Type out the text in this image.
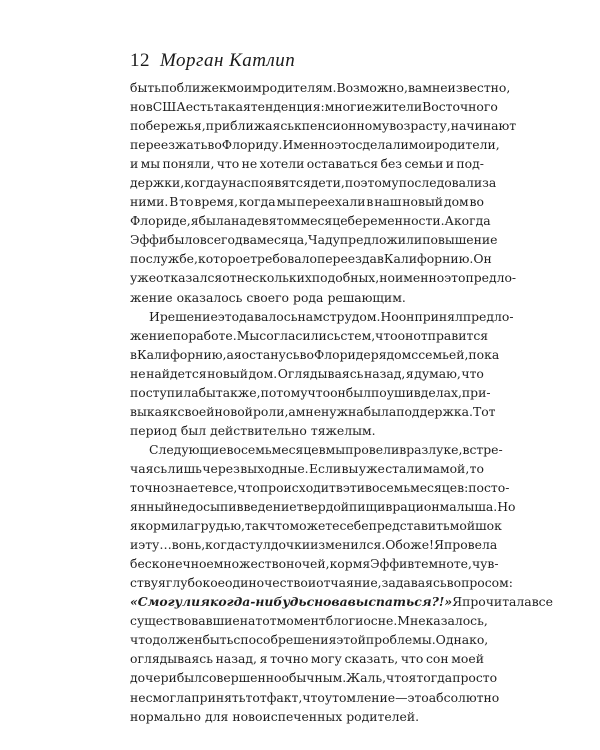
12 Морган Катлип
быть поближе к моим родителям. Возможно, вам неизвестно,
но в США есть такая тенденция: многие жители Восточного
побережья, приближаясь к пенсионному возрасту, начинают
переезжать во Флориду. Именно это сделали мои родители,
и мы поняли, что не хотели оставаться без семьи и под-
держки, когда у нас появятся дети, поэтому последовали за
ними. В то время, когда мы переехали в наш новый дом во
Флориде, я была на девятом месяце беременности. А когда
Эффи было всего два месяца, Чаду предложили повышение
по службе, которое требовало переезда в Калифорнию. Он
уже отказался от нескольких подобных, но именно это предло-
жение оказалось своего рода решающим.
И решение это давалось нам с трудом. Но он принял предло-
жение по работе. Мы согласились с тем, что он отправится
в Калифорнию, а я останусь во Флориде рядом с семьей, пока
не найдется новый дом. Оглядываясь назад, я думаю, что
поступила бы так же, потому что он был по уши в делах, при-
выкая к своей новой роли, а мне нужна была поддержка. Тот
период был действительно тяжелым.
Следующие восемь месяцев мы провели в разлуке, встре-
чаясь лишь через выходные. Если вы уже стали мамой, то
точно знаете все, что происходит в эти восемь месяцев: посто-
янный недосып и введение твердой пищи в рацион малыша. Но
я кормила грудью, так что можете себе представить мой шок
и эту… вонь, когда стул дочки изменился. О боже! Я провела
бесконечное множество ночей, кормя Эффи в темноте, чув-
ствуя глубокое одиночество и отчаяние, задаваясь вопросом:
«Смогу ли я когда-нибудь снова выспаться?!» Я прочитала все
существовавшие на тот момент блоги о сне. Мне казалось,
что должен быть способ решения этой проблемы. Однако,
оглядываясь назад, я точно могу сказать, что сон моей
дочери был совершенно обычным. Жаль, что я тогда просто
не смогла принять тот факт, что утомление — это абсолютно
нормально для новоиспеченных родителей.
